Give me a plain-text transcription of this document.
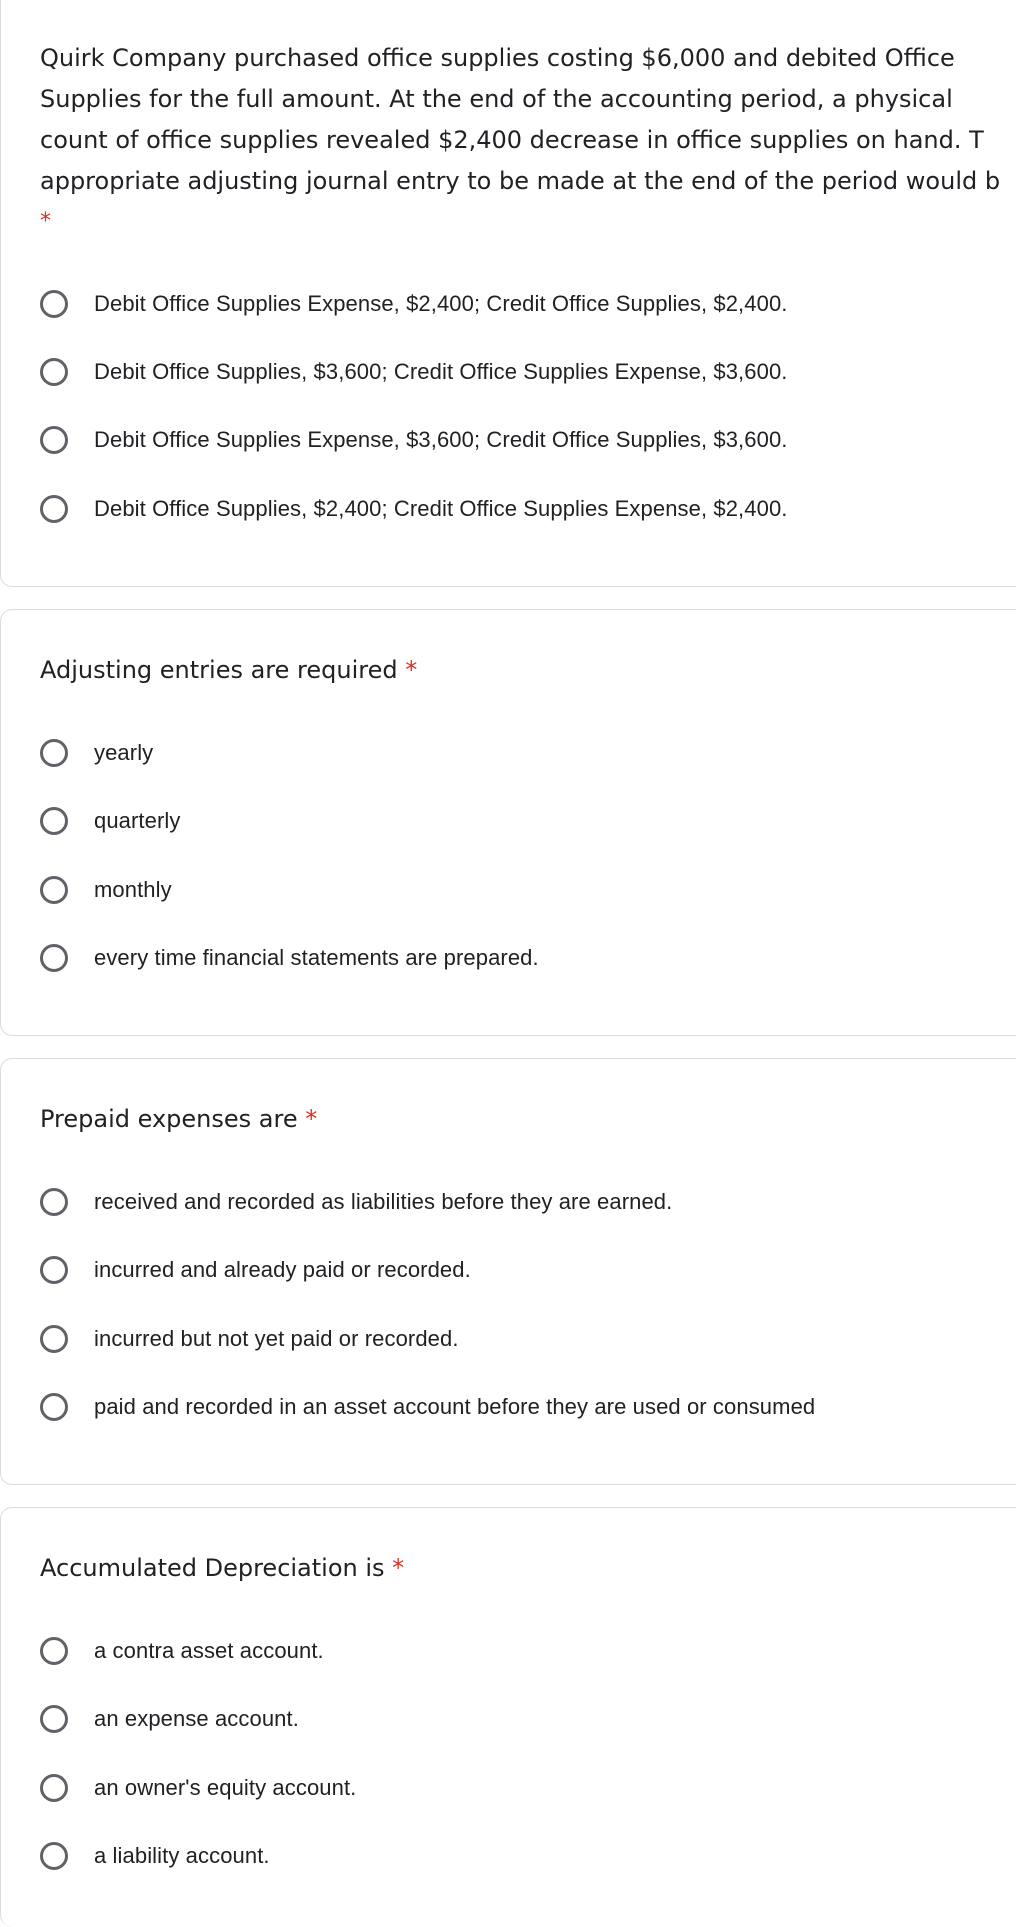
Quirk Company purchased office supplies costing $6,000 and debited Office
Supplies for the full amount. At the end of the accounting period, a physical
count of office supplies revealed $2,400 decrease in office supplies on hand. T
appropriate adjusting journal entry to be made at the end of the period would b
*
Debit Office Supplies Expense, $2,400; Credit Office Supplies, $2,400.
Debit Office Supplies, $3,600; Credit Office Supplies Expense, $3,600.
Debit Office Supplies Expense, $3,600; Credit Office Supplies, $3,600.
Debit Office Supplies, $2,400; Credit Office Supplies Expense, $2,400.
Adjusting entries are required *
yearly
quarterly
monthly
every time financial statements are prepared.
Prepaid expenses are *
received and recorded as liabilities before they are earned.
incurred and already paid or recorded.
incurred but not yet paid or recorded.
paid and recorded in an asset account before they are used or consumed
Accumulated Depreciation is *
a contra asset account.
an expense account.
an owner's equity account.
a liability account.
